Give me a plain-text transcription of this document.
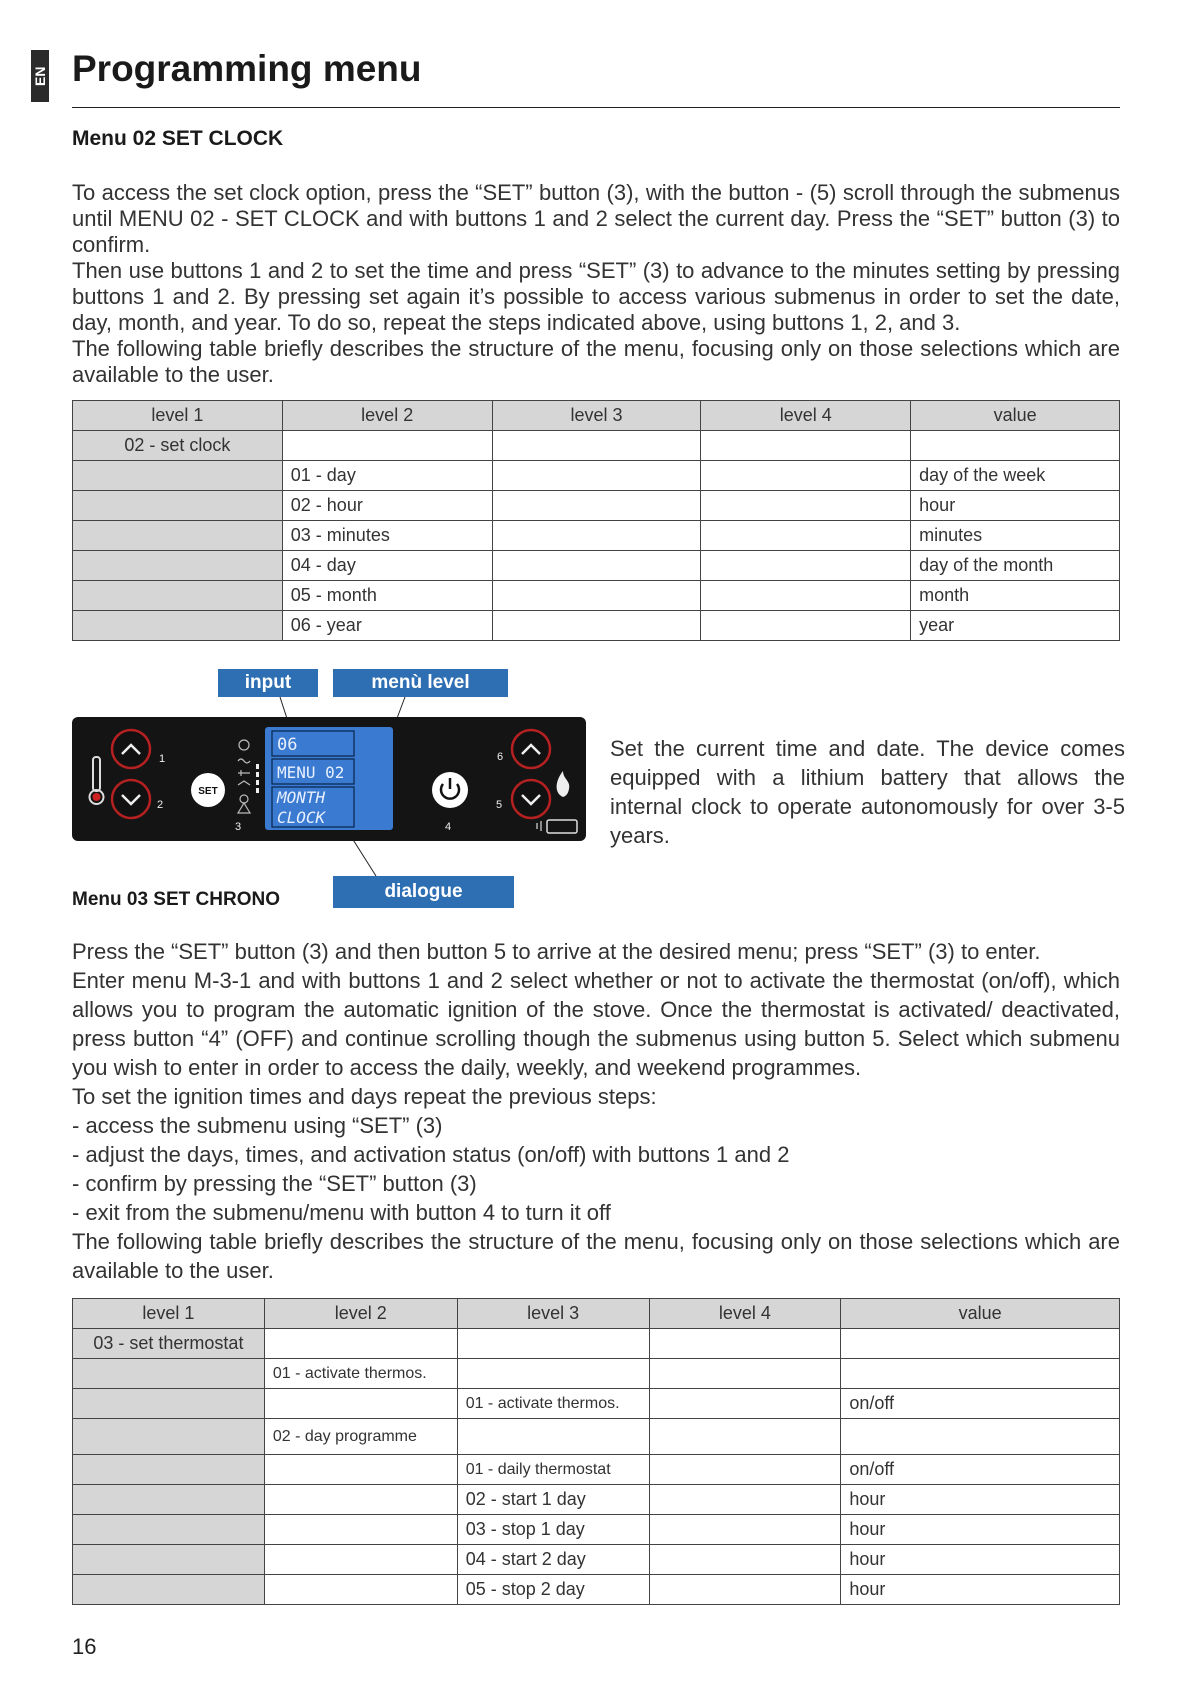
EN Programming menu
Menu 02 SET CLOCK

To access the set clock option, press the “SET” button (3), with the button - (5) scroll through the submenus until MENU 02 - SET CLOCK and with buttons 1 and 2 select the current day. Press the “SET” button (3) to confirm.

Then use buttons 1 and 2 to set the time and press “SET” (3) to advance to the minutes setting by pressing buttons 1 and 2. By pressing set again it’s possible to access various submenus in order to set the date, day, month, and year. To do so, repeat the steps indicated above, using buttons 1, 2, and 3.

The following table briefly describes the structure of the menu, focusing only on those selections which are available to the user.

level 1	level 2	level 3	level 4	value
02 - set clock				
	01 - day			day of the week
	02 - hour			hour
	03 - minutes			minutes
	04 - day			day of the month
	05 - month			month
	06 - year			year
input	menù level
dialogue
1
2
SET
3
06
MENU 02
MONTH
CLOCK	4
6
5
Set the current time and date. The device comes equipped with a lithium battery that allows the internal clock to operate autonomously for over 3-5 years.
Menu 03 SET CHRONO

Press the “SET” button (3) and then button 5 to arrive at the desired menu; press “SET” (3) to enter.

Enter menu M-3-1 and with buttons 1 and 2 select whether or not to activate the thermostat (on/off), which allows you to program the automatic ignition of the stove. Once the thermostat is activated/ deactivated, press button “4” (OFF) and continue scrolling though the submenus using button 5. Select which submenu you wish to enter in order to access the daily, weekly, and weekend programmes.

To set the ignition times and days repeat the previous steps:

- access the submenu using “SET” (3)

- adjust the days, times, and activation status (on/off) with buttons 1 and 2

- confirm by pressing the “SET” button (3)

- exit from the submenu/menu with button 4 to turn it off

The following table briefly describes the structure of the menu, focusing only on those selections which are available to the user.

level 1	level 2	level 3	level 4	value
03 - set thermostat				
	01 - activate thermos.			
		01 - activate thermos.		on/off
	02 - day programme			
		01 - daily thermostat		on/off
		02 - start 1 day		hour
		03 - stop 1 day		hour
		04 - start 2 day		hour
		05 - stop 2 day		hour
16
